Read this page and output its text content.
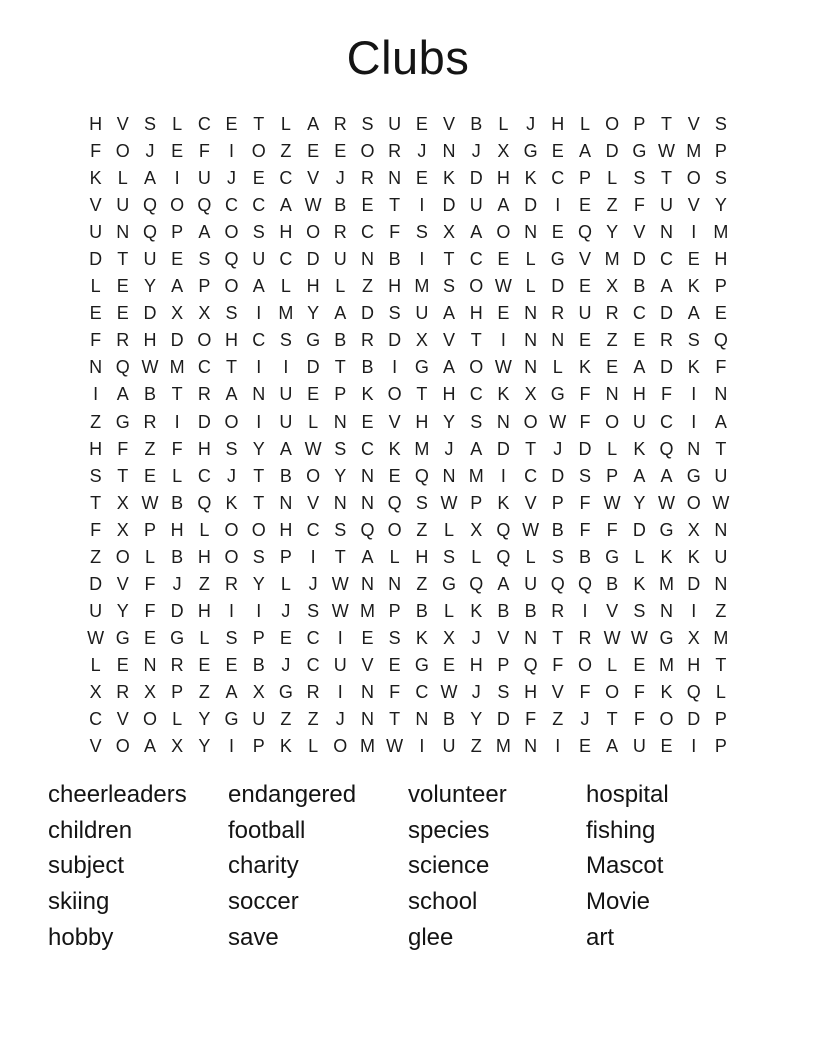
Clubs
H V S L C E T L A R S U E V B L J H L O P T V S
F O J E F	I O Z E E O R J N J X G E A D G W M P
K L A	I	U J E C V J R N E K D H K C P L S T O S
V U Q O Q C C A W B E T	I	D U A D	I	E Z F U V Y
U N Q P A O S H O R C F S X A O N E Q Y V N	I M
D T U E S Q U C D U N B	I	T C E L G V M D C E H
L E Y A P O A L H L Z H M S O W L D E X B A K P
E E D X X S	I M Y A D S U A H E N R U R C D A E
F R H D O H C S G B R D X V T	I	N N E Z E R S Q
N Q W M C T	I	I	D T B	I G A O W N L K E A D K F
I	A B T R A N U E P K O T H C K X G F N H F	I	N
Z G R	I	D O I	U L N E V H Y S N O W F O U C	I	A
H F Z F H S Y A W S C K M J A D T J D L K Q N T
S T E L C J T B O Y N E Q N M I	C D S P A A G U
T X W B Q K T N V N N Q S W P K V P F W Y W O W
F X P H L O O H C S Q O Z L X Q W B F F D G X N
Z O L B H O S P	I	T A L H S L Q L S B G L K K U
D V F J Z R Y L J W N N Z G Q A U Q Q B K M D N
U Y F D H	I	I	J S W M P B L K B B R	I	V S N	I	Z
W G E G L S P E C	I	E S K X J V N T R W W G X M
L E N R E E B J C U V E G E H P Q F O L E M H T
X R X P Z A X G R	I	N F C W J S H V F O F K Q L
C V O L Y G U Z Z J N T N B Y D F Z J T F O D P
V O A X Y	I	P K L O M W I	U Z M N	I	E A U E	I	P
cheerleaders
children
subject
skiing
hobby
endangered
football
charity
soccer
save
volunteer
species
science
school
glee
hospital
fishing
Mascot
Movie
art
